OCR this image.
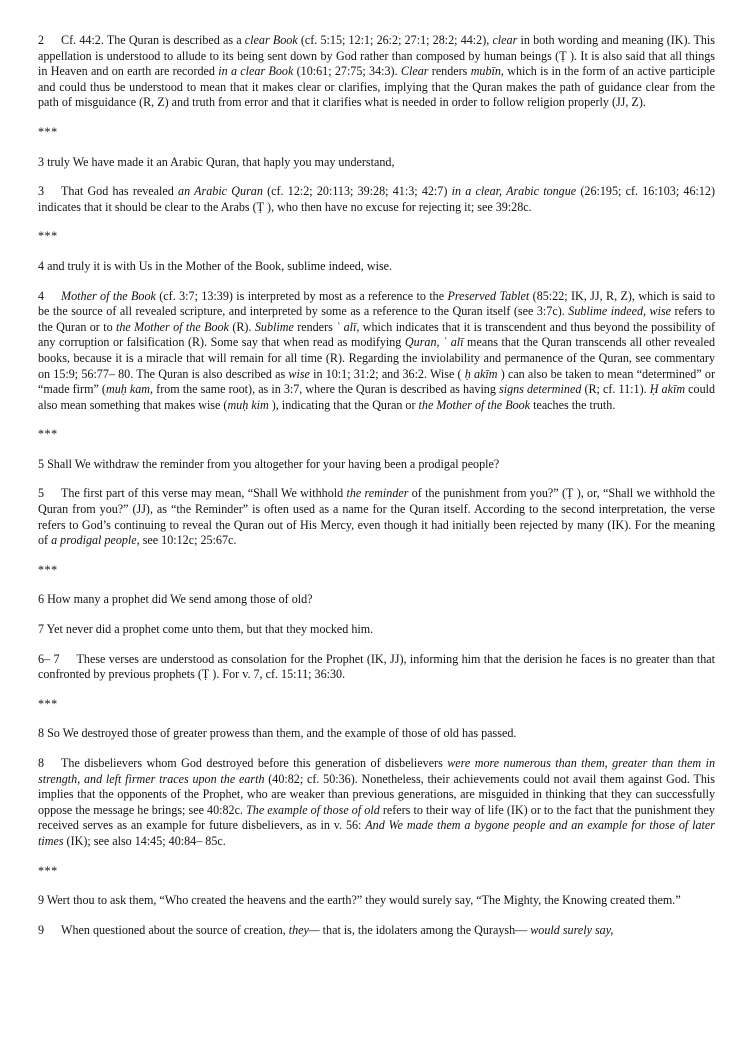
2 Cf. 44:2. The Quran is described as a clear Book (cf. 5:15; 12:1; 26:2; 27:1; 28:2; 44:2), clear in both wording and meaning (IK). This appellation is understood to allude to its being sent down by God rather than composed by human beings (Ṭ ). It is also said that all things in Heaven and on earth are recorded in a clear Book (10:61; 27:75; 34:3). Clear renders mubīn, which is in the form of an active participle and could thus be understood to mean that it makes clear or clarifies, implying that the Quran makes the path of guidance clear from the path of misguidance (R, Z) and truth from error and that it clarifies what is needed in order to follow religion properly (JJ, Z).

***

3 truly We have made it an Arabic Quran, that haply you may understand,

3 That God has revealed an Arabic Quran (cf. 12:2; 20:113; 39:28; 41:3; 42:7) in a clear, Arabic tongue (26:195; cf. 16:103; 46:12) indicates that it should be clear to the Arabs (Ṭ ), who then have no excuse for rejecting it; see 39:28c.

***

4 and truly it is with Us in the Mother of the Book, sublime indeed, wise.

4 Mother of the Book (cf. 3:7; 13:39) is interpreted by most as a reference to the Preserved Tablet (85:22; IK, JJ, R, Z), which is said to be the source of all revealed scripture, and interpreted by some as a reference to the Quran itself (see 3:7c). Sublime indeed, wise refers to the Quran or to the Mother of the Book (R). Sublime renders ʿ alī, which indicates that it is transcendent and thus beyond the possibility of any corruption or falsification (R). Some say that when read as modifying Quran, ʿ alī means that the Quran transcends all other revealed books, because it is a miracle that will remain for all time (R). Regarding the inviolability and permanence of the Quran, see commentary on 15:9; 56:77– 80. The Quran is also described as wise in 10:1; 31:2; and 36:2. Wise ( ḥ akīm ) can also be taken to mean “determined” or “made firm” (muḥ kam, from the same root), as in 3:7, where the Quran is described as having signs determined (R; cf. 11:1). Ḥ akīm could also mean something that makes wise (muḥ kim ), indicating that the Quran or the Mother of the Book teaches the truth.

***

5 Shall We withdraw the reminder from you altogether for your having been a prodigal people?

5 The first part of this verse may mean, “Shall We withhold the reminder of the punishment from you?” (Ṭ ), or, “Shall we withhold the Quran from you?” (JJ), as “the Reminder” is often used as a name for the Quran itself. According to the second interpretation, the verse refers to God’s continuing to reveal the Quran out of His Mercy, even though it had initially been rejected by many (IK). For the meaning of a prodigal people, see 10:12c; 25:67c.

***

6 How many a prophet did We send among those of old?

7 Yet never did a prophet come unto them, but that they mocked him.

6– 7 These verses are understood as consolation for the Prophet (IK, JJ), informing him that the derision he faces is no greater than that confronted by previous prophets (Ṭ ). For v. 7, cf. 15:11; 36:30.

***

8 So We destroyed those of greater prowess than them, and the example of those of old has passed.

8 The disbelievers whom God destroyed before this generation of disbelievers were more numerous than them, greater than them in strength, and left firmer traces upon the earth (40:82; cf. 50:36). Nonetheless, their achievements could not avail them against God. This implies that the opponents of the Prophet, who are weaker than previous generations, are misguided in thinking that they can successfully oppose the message he brings; see 40:82c. The example of those of old refers to their way of life (IK) or to the fact that the punishment they received serves as an example for future disbelievers, as in v. 56: And We made them a bygone people and an example for those of later times (IK); see also 14:45; 40:84– 85c.

***

9 Wert thou to ask them, “Who created the heavens and the earth?” they would surely say, “The Mighty, the Knowing created them.”

9 When questioned about the source of creation, they— that is, the idolaters among the Quraysh— would surely say,
